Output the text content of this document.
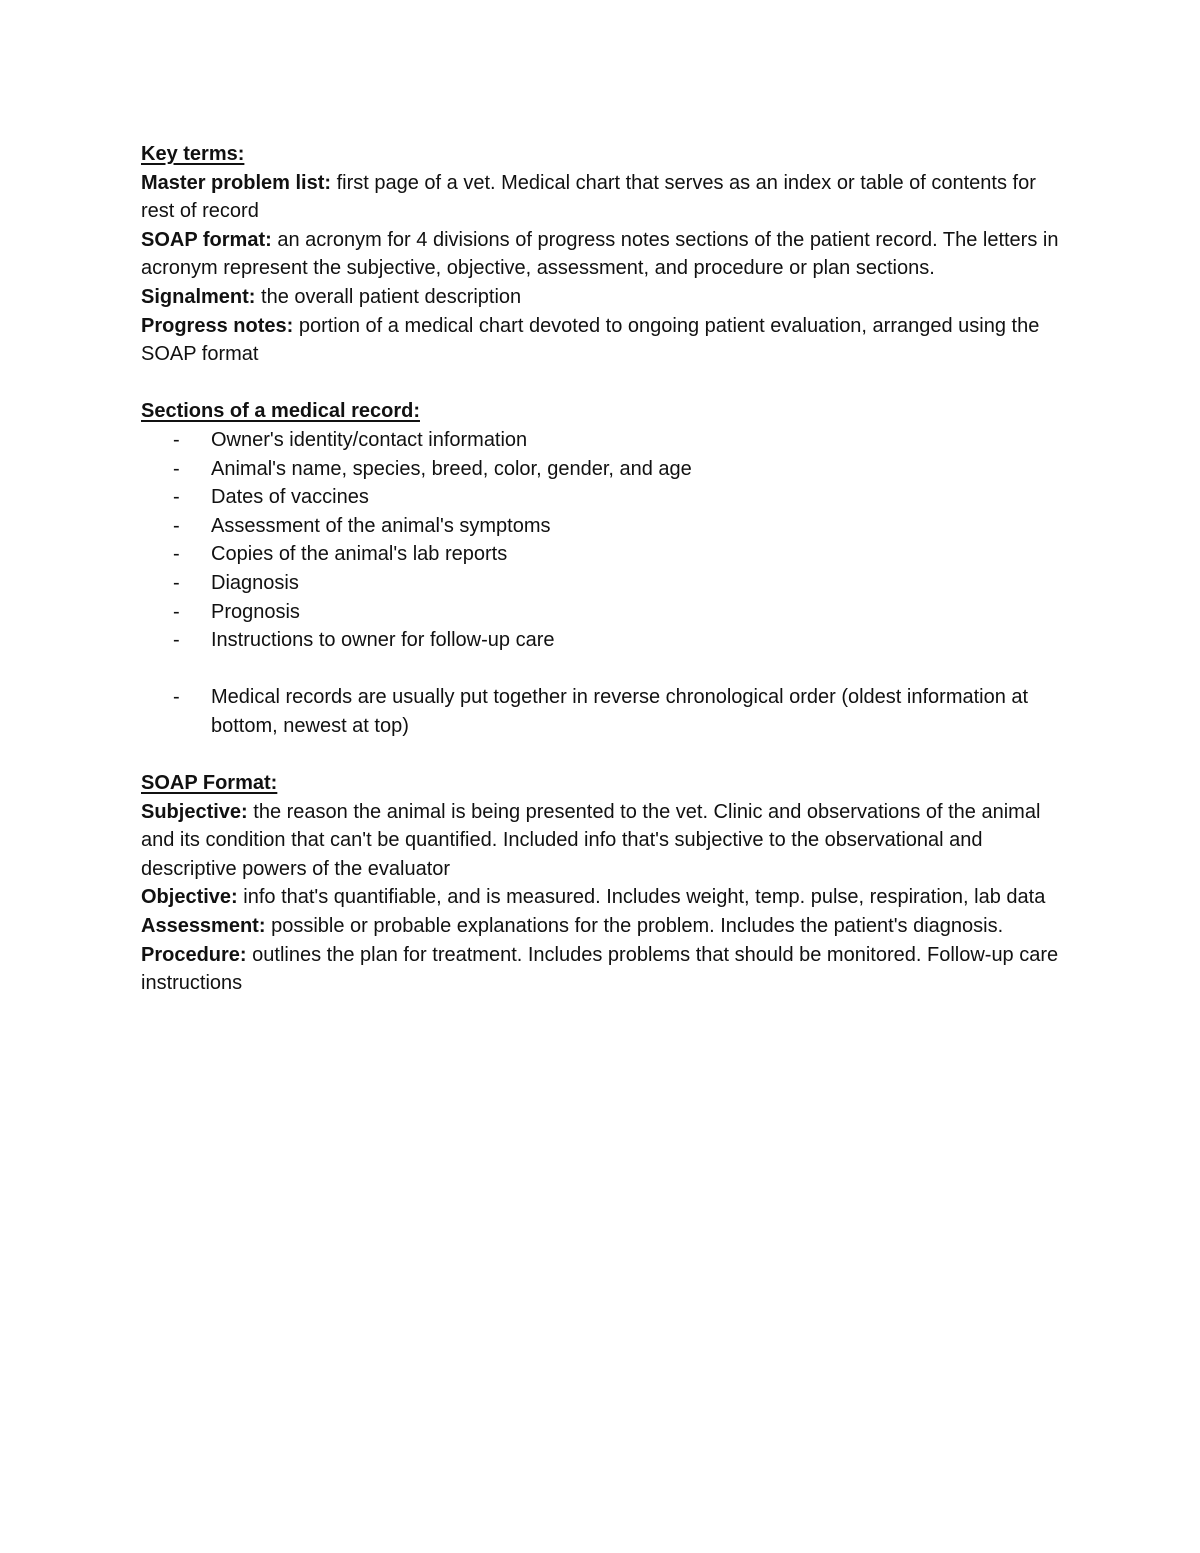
Key terms:

Master problem list: first page of a vet. Medical chart that serves as an index or table of contents for rest of record

SOAP format: an acronym for 4 divisions of progress notes sections of the patient record. The letters in acronym represent the subjective, objective, assessment, and procedure or plan sections.

Signalment: the overall patient description

Progress notes: portion of a medical chart devoted to ongoing patient evaluation, arranged using the SOAP format

Sections of a medical record:
- Owner's identity/contact information
- Animal's name, species, breed, color, gender, and age
- Dates of vaccines
- Assessment of the animal's symptoms
- Copies of the animal's lab reports
- Diagnosis
- Prognosis
- Instructions to owner for follow-up care
- Medical records are usually put together in reverse chronological order (oldest information at bottom, newest at top)
SOAP Format:

Subjective: the reason the animal is being presented to the vet. Clinic and observations of the animal and its condition that can't be quantified. Included info that's subjective to the observational and descriptive powers of the evaluator

Objective: info that's quantifiable, and is measured. Includes weight, temp. pulse, respiration, lab data

Assessment: possible or probable explanations for the problem. Includes the patient's diagnosis.

Procedure: outlines the plan for treatment. Includes problems that should be monitored. Follow-up care instructions
